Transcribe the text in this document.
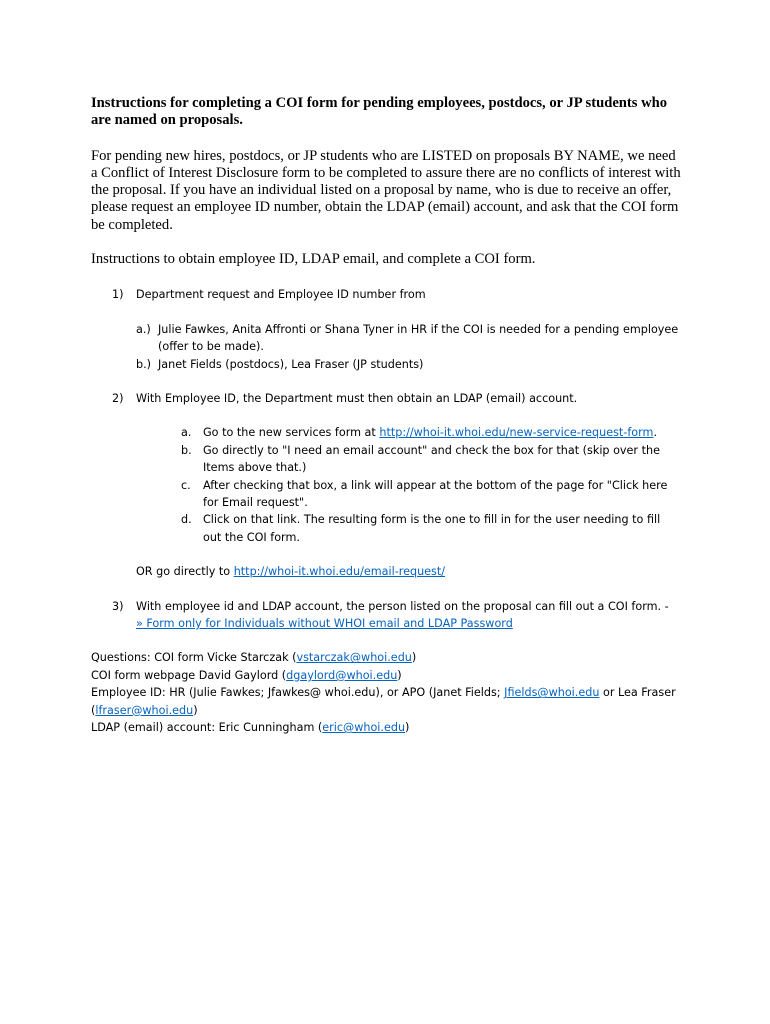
Instructions for completing a COI form for pending employees, postdocs, or JP students who are named on proposals.

For pending new hires, postdocs, or JP students who are LISTED on proposals BY NAME, we need a Conflict of Interest Disclosure form to be completed to assure there are no conflicts of interest with the proposal. If you have an individual listed on a proposal by name, who is due to receive an offer, please request an employee ID number, obtain the LDAP (email) account, and ask that the COI form be completed.

Instructions to obtain employee ID, LDAP email, and complete a COI form.

1) Department request and Employee ID number from
a.) Julie Fawkes, Anita Affronti or Shana Tyner in HR if the COI is needed for a pending employee (offer to be made).
b.) Janet Fields (postdocs), Lea Fraser (JP students)
2) With Employee ID, the Department must then obtain an LDAP (email) account.
a. Go to the new services form at http://whoi-it.whoi.edu/new-service-request-form.
b. Go directly to "I need an email account" and check the box for that (skip over the Items above that.)
c. After checking that box, a link will appear at the bottom of the page for "Click here for Email request".
d. Click on that link. The resulting form is the one to fill in for the user needing to fill out the COI form.

OR go directly to http://whoi-it.whoi.edu/email-request/

3) With employee id and LDAP account, the person listed on the proposal can fill out a COI form. -
» Form only for Individuals without WHOI email and LDAP Password

Questions: COI form Vicke Starczak (vstarczak@whoi.edu)

COI form webpage David Gaylord (dgaylord@whoi.edu)

Employee ID: HR (Julie Fawkes; Jfawkes@ whoi.edu), or APO (Janet Fields; Jfields@whoi.edu or Lea Fraser (lfraser@whoi.edu)

LDAP (email) account: Eric Cunningham (eric@whoi.edu)
